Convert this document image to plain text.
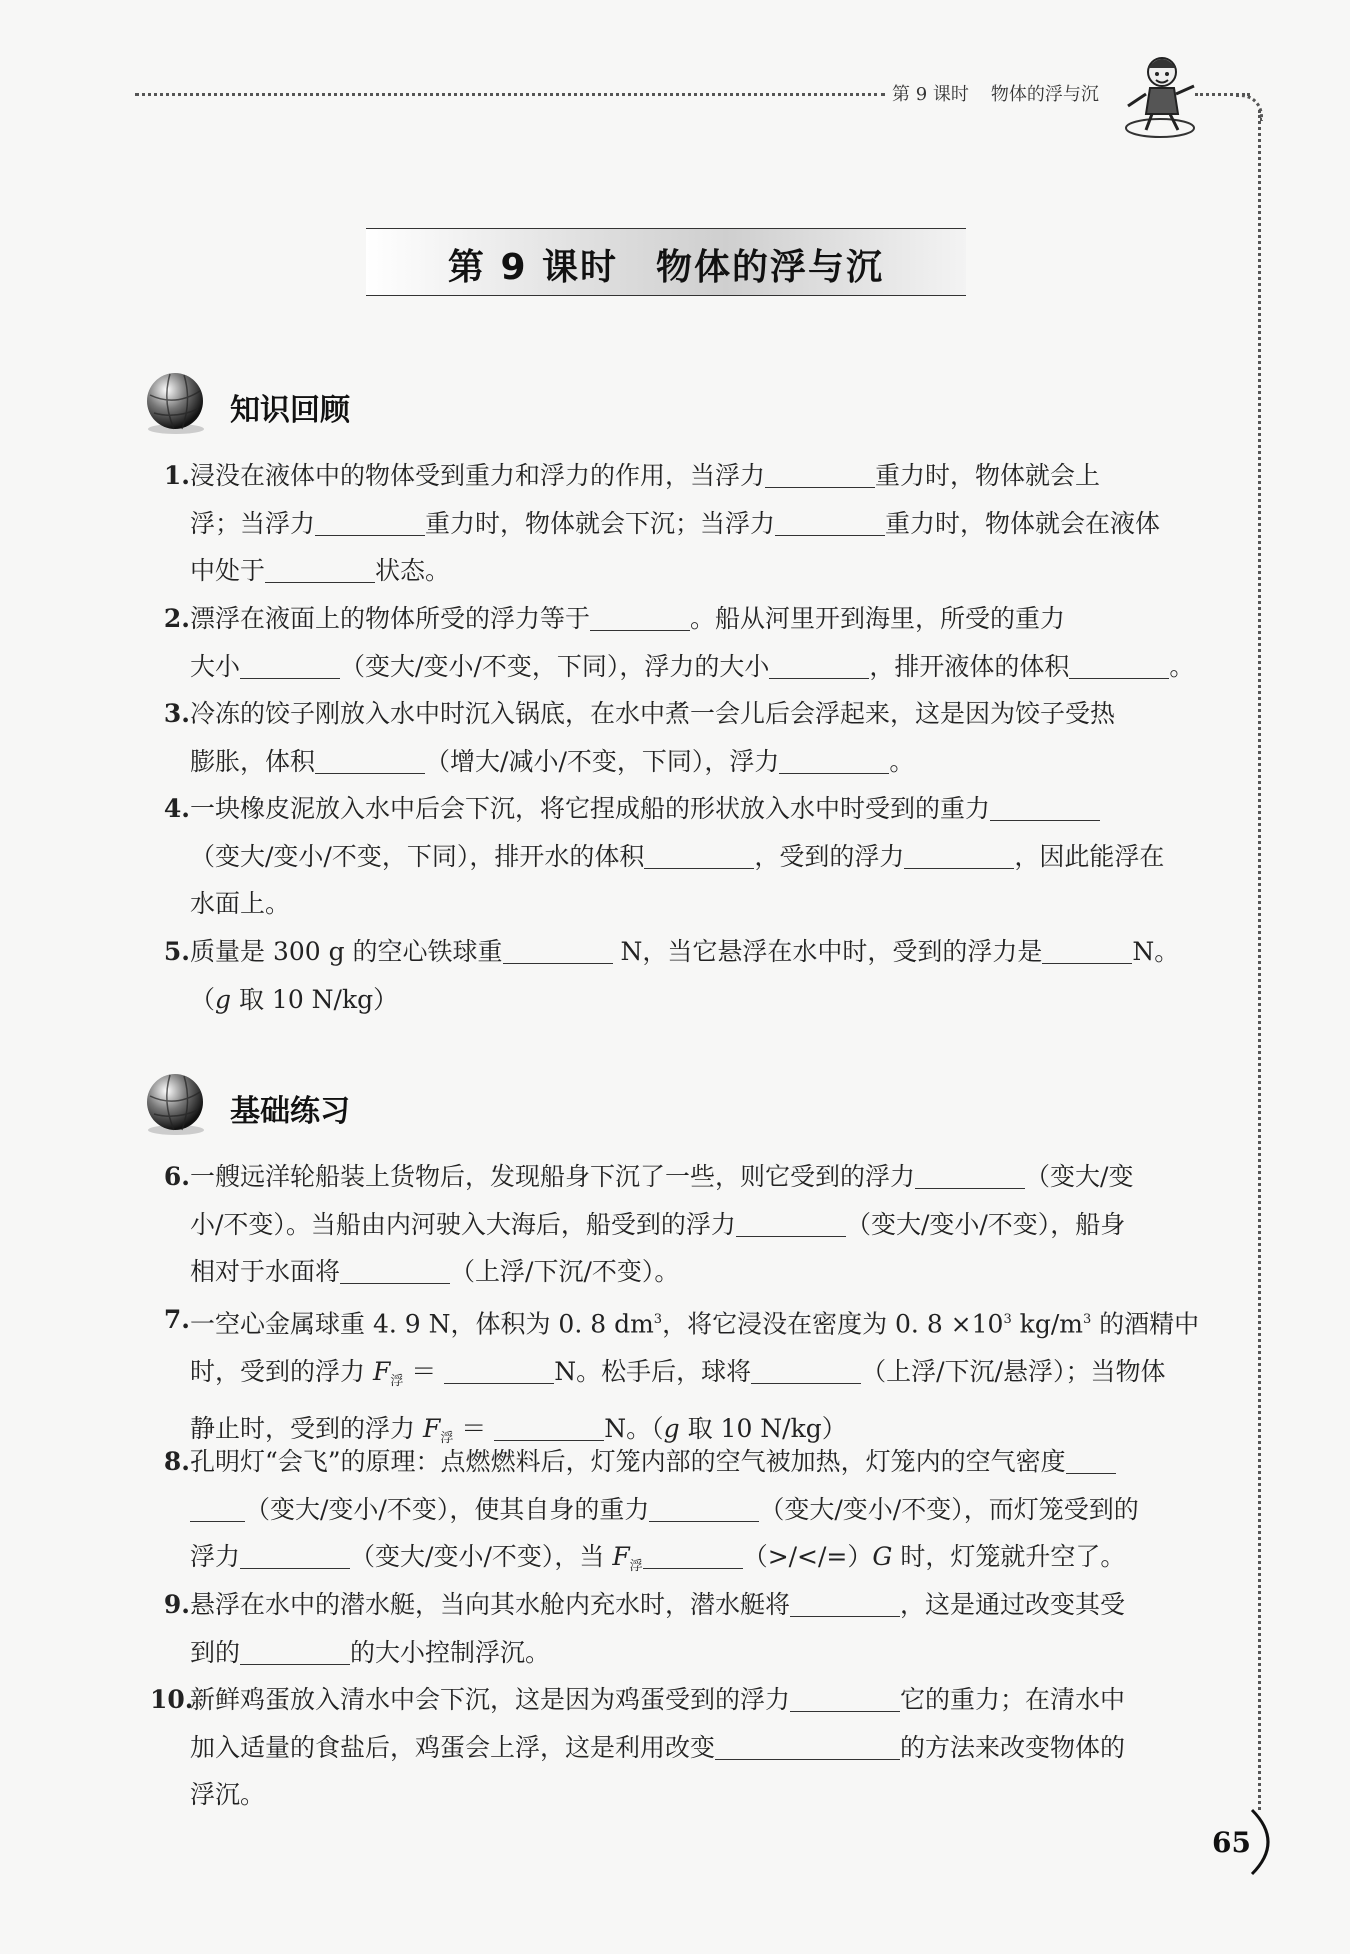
第 9 课时 物体的浮与沉
第 9 课时 物体的浮与沉
知识回顾
1. 浸没在液体中的物体受到重力和浮力的作用，当浮力	重力时，物体就会上

浮；当浮力	重力时，物体就会下沉；当浮力	重力时，物体就会在液体

中处于	状态。

2. 漂浮在液面上的物体所受的浮力等于	。船从河里开到海里，所受的重力

大小	（变大/变小/不变，下同），浮力的大小	，排开液体的体积	。

3. 冷冻的饺子刚放入水中时沉入锅底，在水中煮一会儿后会浮起来，这是因为饺子受热

膨胀，体积	（增大/减小/不变，下同），浮力	。

4. 一块橡皮泥放入水中后会下沉，将它捏成船的形状放入水中时受到的重力

（变大/变小/不变，下同），排开水的体积	，受到的浮力	，因此能浮在

水面上。

5. 质量是 300 g 的空心铁球重	N，当它悬浮在水中时，受到的浮力是	N。

（g 取 10 N/kg）

基础练习
6. 一艘远洋轮船装上货物后，发现船身下沉了一些，则它受到的浮力	（变大/变

小/不变）。当船由内河驶入大海后，船受到的浮力	（变大/变小/不变），船身

相对于水面将	（上浮/下沉/不变）。

7. 一空心金属球重 4. 9 N，体积为 0. 8 $dm^3$，将它浸没在密度为 0. $8 \times 10^3$ $kg/m^3$ 的酒精中

时，受到的浮力 $F_浮$ ＝	N。松手后，球将	（上浮/下沉/悬浮）；当物体

静止时，受到的浮力 $F_浮$ ＝	N。（g 取 10 N/kg）

8. 孔明灯“会飞”的原理：点燃燃料后，灯笼内部的空气被加热，灯笼内的空气密度

（变大/变小/不变），使其自身的重力	（变大/变小/不变），而灯笼受到的

浮力	（变大/变小/不变），当 $F_浮$	（>/</=）G 时，灯笼就升空了。

9. 悬浮在水中的潜水艇，当向其水舱内充水时，潜水艇将	，这是通过改变其受

到的	的大小控制浮沉。

10.

新鲜鸡蛋放入清水中会下沉，这是因为鸡蛋受到的浮力	它的重力；在清水中

加入适量的食盐后，鸡蛋会上浮，这是利用改变	的方法来改变物体的

浮沉。

65
